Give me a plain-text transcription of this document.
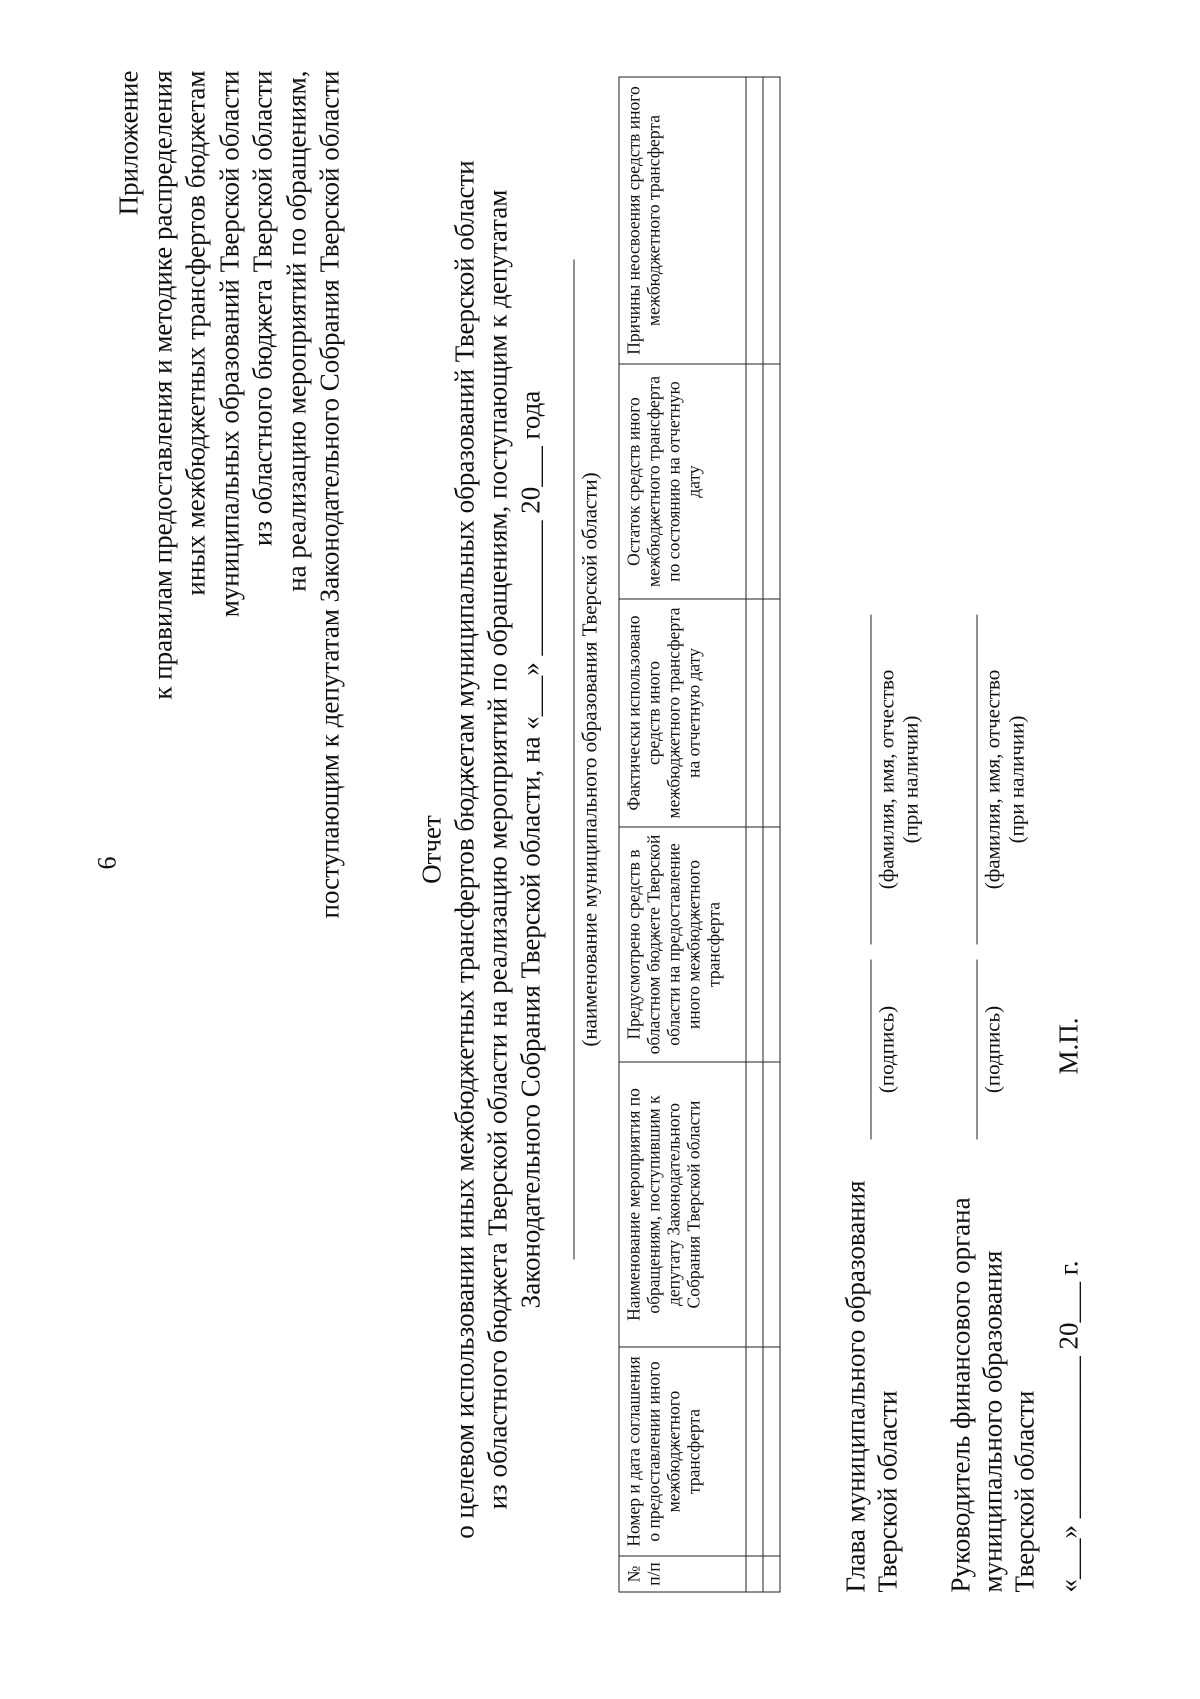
6
Приложение к правилам предоставления и методике распределения иных межбюджетных трансфертов бюджетам муниципальных образований Тверской области из областного бюджета Тверской области на реализацию мероприятий по обращениям, поступающим к депутатам Законодательного Собрания Тверской области	Отчет о целевом использовании иных межбюджетных трансфертов бюджетам муниципальных образований Тверской области из областного бюджета Тверской области на реализацию мероприятий по обращениям, поступающим к депутатам Законодательного Собрания Тверской области, на «___» __________ 20___ года (наименование муниципального образования Тверской области)
№ п/п	Номер и дата соглашения о предоставлении иного межбюджетного трансферта	Наименование мероприятия по обращениям, поступившим к депутату Законодательного Собрания Тверской области	Предусмотрено средств в областном бюджете Тверской области на предоставление иного межбюджетного трансферта	Фактически использовано средств иного межбюджетного трансферта на отчетную дату	Остаток средств иного межбюджетного трансферта по состоянию на отчетную дату	Причины неосвоения средств иного межбюджетного трансферта

Глава муниципального образования Тверской области
(подпись)
(фамилия, имя, отчество (при наличии)
Руководитель финансового органа муниципального образования Тверской области
(подпись)
(фамилия, имя, отчество (при наличии)
«___» ____________ 20___ г.
М.П.
